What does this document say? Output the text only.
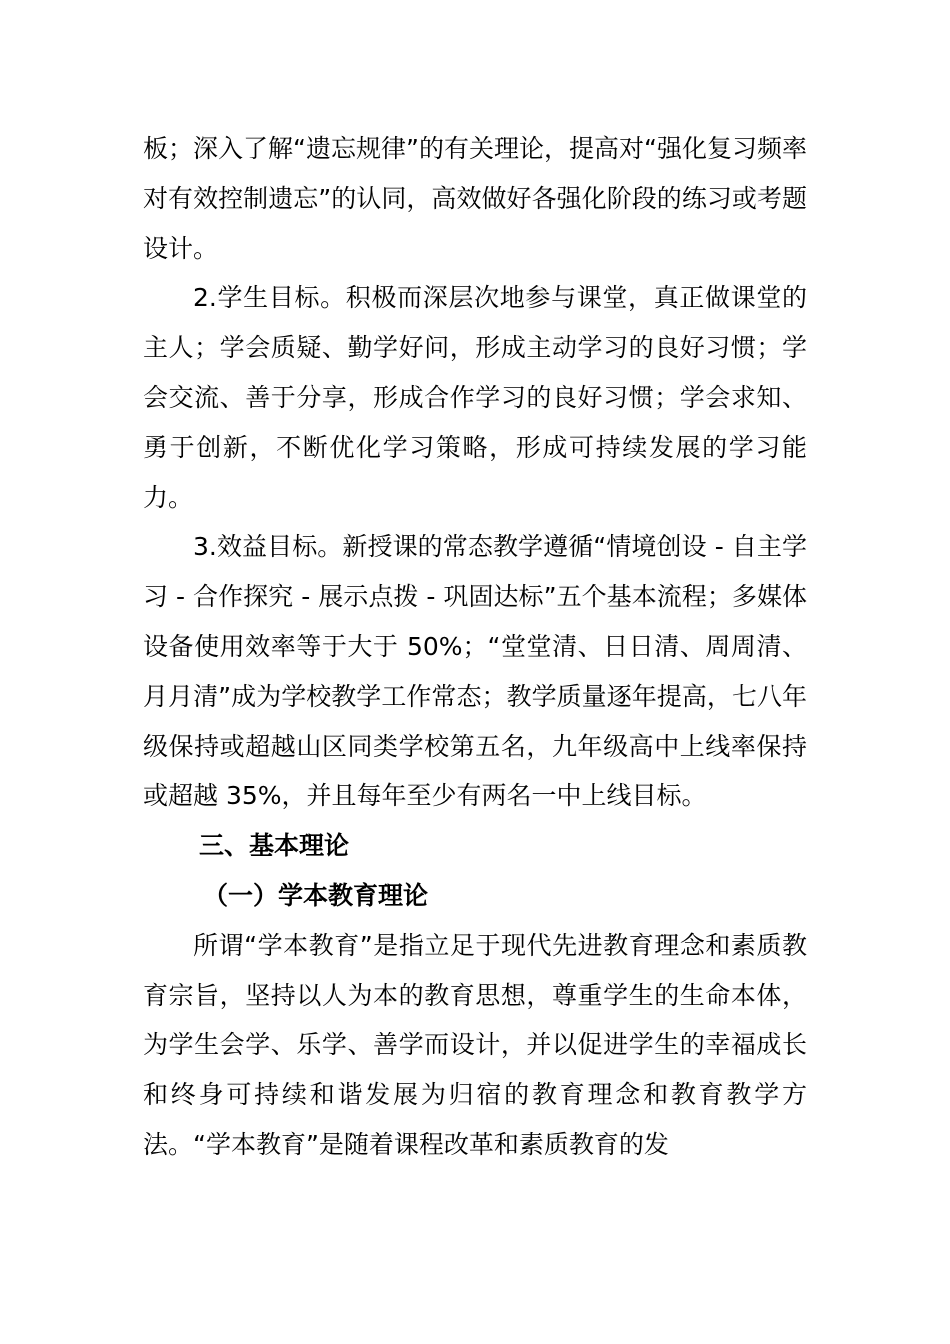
板；深入了解“遗忘规律”的有关理论，提高对“强化复习频率对有效控制遗忘”的认同，高效做好各强化阶段的练习或考题设计。

2.学生目标。积极而深层次地参与课堂，真正做课堂的主人；学会质疑、勤学好问，形成主动学习的良好习惯；学会交流、善于分享，形成合作学习的良好习惯；学会求知、勇于创新，不断优化学习策略，形成可持续发展的学习能力。

3.效益目标。新授课的常态教学遵循“情境创设 - 自主学习 - 合作探究 - 展示点拨 - 巩固达标”五个基本流程；多媒体设备使用效率等于大于 50%；“堂堂清、日日清、周周清、月月清”成为学校教学工作常态；教学质量逐年提高，七八年级保持或超越山区同类学校第五名，九年级高中上线率保持或超越 35%，并且每年至少有两名一中上线目标。

三、基本理论

（一）学本教育理论

所谓“学本教育”是指立足于现代先进教育理念和素质教育宗旨，坚持以人为本的教育思想，尊重学生的生命本体，为学生会学、乐学、善学而设计，并以促进学生的幸福成长和终身可持续和谐发展为归宿的教育理念和教育教学方法。“学本教育”是随着课程改革和素质教育的发
